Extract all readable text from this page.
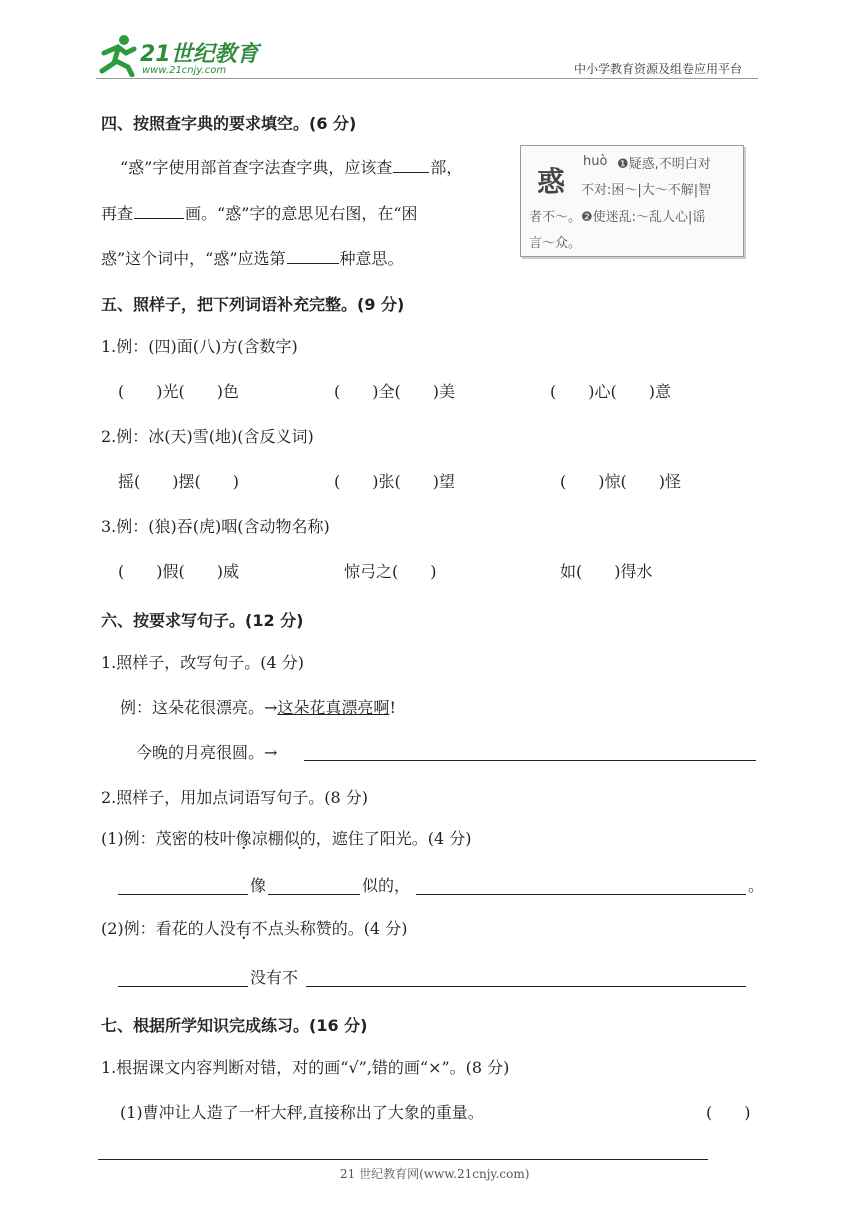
21世纪教育
www.21cnjy.com	中小学教育资源及组卷应用平台
四、按照查字典的要求填空。(6 分)
“惑”字使用部首查字法查字典，应该查 部，
再查	画。“惑”字的意思见右图，在“困
惑”这个词中，“惑”应选第	种意思。
惑
huò ❶疑惑,不明白对
不对:困～|大～不解|智
者不～。❷使迷乱:～乱人心|谣
言～众。
五、照样子，把下列词语补充完整。(9 分)
1.例：(四)面(八)方(含数字)
(　　)光(　　)色	(　　)全(　　)美	(　　)心(　　)意
2.例：冰(天)雪(地)(含反义词)
摇(　　)摆(　　)	(　　)张(　　)望	(　　)惊(　　)怪
3.例：(狼)吞(虎)咽(含动物名称)
(　　)假(　　)威	惊弓之(　　)	如(　　)得水
六、按要求写句子。(12 分)
1.照样子，改写句子。(4 分)
例：这朵花很漂亮。→这朵花真漂亮啊!
今晚的月亮很圆。→
2.照样子，用加点词语写句子。(8 分)
(1)例：茂密的枝叶像凉棚似的，遮住了阳光。(4 分)
像	似的，	。
(2)例：看花的人没有不点头称赞的。(4 分)
没有不
七、根据所学知识完成练习。(16 分)
1.根据课文内容判断对错，对的画“√”,错的画“×”。(8 分)
(1)曹冲让人造了一杆大秤,直接称出了大象的重量。	(　　)
21 世纪教育网(www.21cnjy.com)
